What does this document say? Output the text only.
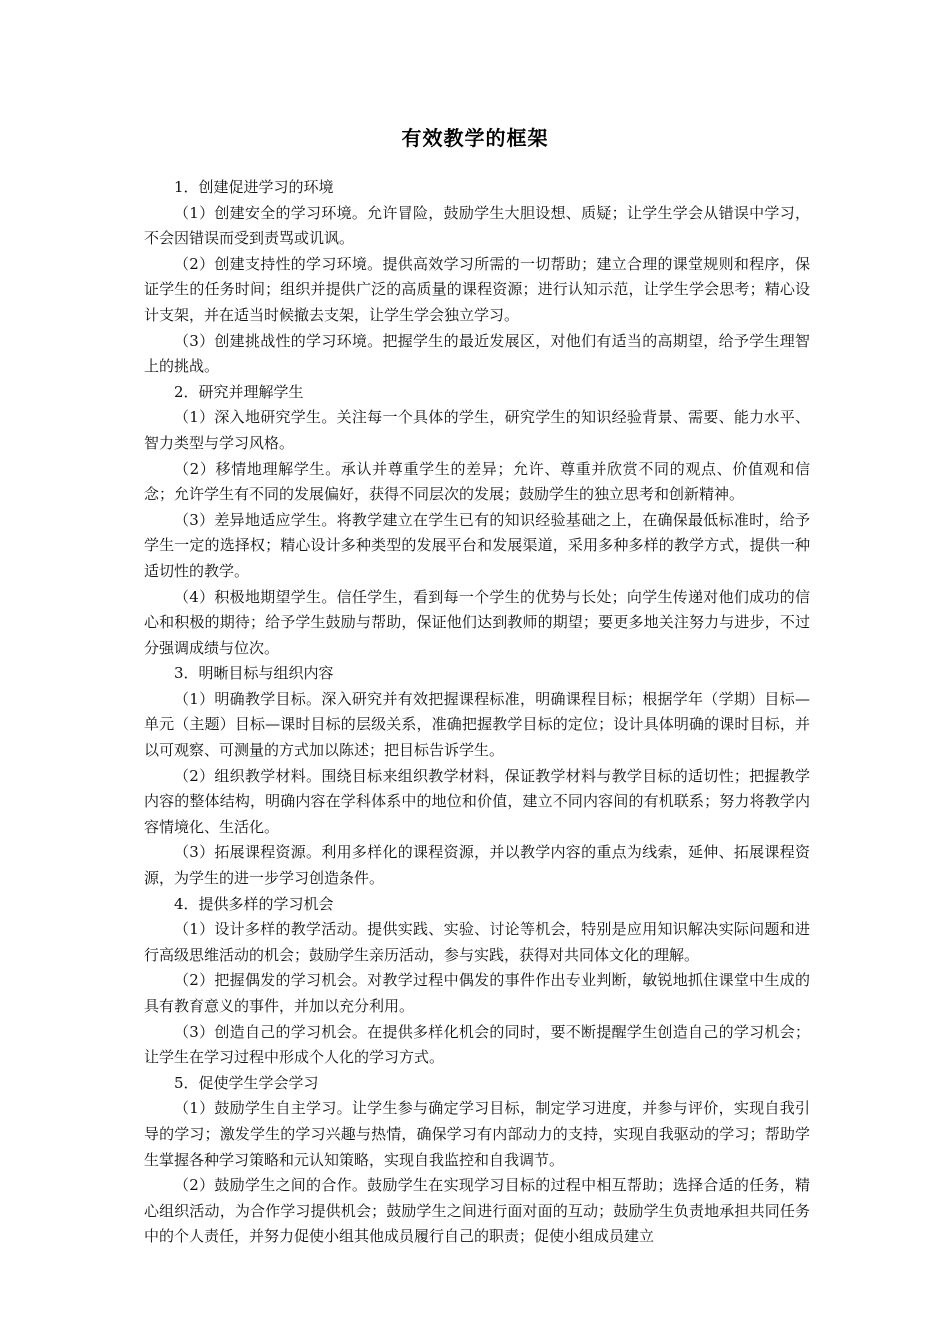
有效教学的框架

1．创建促进学习的环境

（1）创建安全的学习环境。允许冒险，鼓励学生大胆设想、质疑；让学生学会从错误中学习，不会因错误而受到责骂或讥讽。

（2）创建支持性的学习环境。提供高效学习所需的一切帮助；建立合理的课堂规则和程序，保证学生的任务时间；组织并提供广泛的高质量的课程资源；进行认知示范，让学生学会思考；精心设计支架，并在适当时候撤去支架，让学生学会独立学习。

（3）创建挑战性的学习环境。把握学生的最近发展区，对他们有适当的高期望，给予学生理智上的挑战。

2．研究并理解学生

（1）深入地研究学生。关注每一个具体的学生，研究学生的知识经验背景、需要、能力水平、智力类型与学习风格。

（2）移情地理解学生。承认并尊重学生的差异；允许、尊重并欣赏不同的观点、价值观和信念；允许学生有不同的发展偏好，获得不同层次的发展；鼓励学生的独立思考和创新精神。

（3）差异地适应学生。将教学建立在学生已有的知识经验基础之上，在确保最低标准时，给予学生一定的选择权；精心设计多种类型的发展平台和发展渠道，采用多种多样的教学方式，提供一种适切性的教学。

（4）积极地期望学生。信任学生，看到每一个学生的优势与长处；向学生传递对他们成功的信心和积极的期待；给予学生鼓励与帮助，保证他们达到教师的期望；要更多地关注努力与进步，不过分强调成绩与位次。

3．明晰目标与组织内容

（1）明确教学目标。深入研究并有效把握课程标准，明确课程目标；根据学年（学期）目标—单元（主题）目标—课时目标的层级关系，准确把握教学目标的定位；设计具体明确的课时目标，并以可观察、可测量的方式加以陈述；把目标告诉学生。

（2）组织教学材料。围绕目标来组织教学材料，保证教学材料与教学目标的适切性；把握教学内容的整体结构，明确内容在学科体系中的地位和价值，建立不同内容间的有机联系；努力将教学内容情境化、生活化。

（3）拓展课程资源。利用多样化的课程资源，并以教学内容的重点为线索，延伸、拓展课程资源，为学生的进一步学习创造条件。

4．提供多样的学习机会

（1）设计多样的教学活动。提供实践、实验、讨论等机会，特别是应用知识解决实际问题和进行高级思维活动的机会；鼓励学生亲历活动，参与实践，获得对共同体文化的理解。

（2）把握偶发的学习机会。对教学过程中偶发的事件作出专业判断，敏锐地抓住课堂中生成的具有教育意义的事件，并加以充分利用。

（3）创造自己的学习机会。在提供多样化机会的同时，要不断提醒学生创造自己的学习机会；让学生在学习过程中形成个人化的学习方式。

5．促使学生学会学习

（1）鼓励学生自主学习。让学生参与确定学习目标，制定学习进度，并参与评价，实现自我引导的学习；激发学生的学习兴趣与热情，确保学习有内部动力的支持，实现自我驱动的学习；帮助学生掌握各种学习策略和元认知策略，实现自我监控和自我调节。

（2）鼓励学生之间的合作。鼓励学生在实现学习目标的过程中相互帮助；选择合适的任务，精心组织活动，为合作学习提供机会；鼓励学生之间进行面对面的互动；鼓励学生负责地承担共同任务中的个人责任，并努力促使小组其他成员履行自己的职责；促使小组成员建立
